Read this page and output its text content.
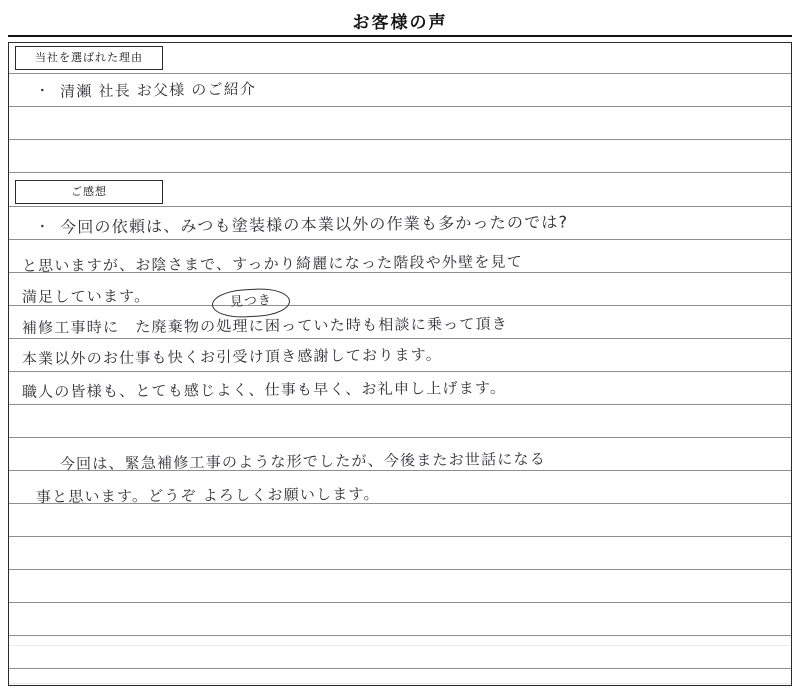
お客様の声
当社を選ばれた理由
ご感想
・ 清瀬 社長 お父様 のご紹介
・ 今回の依頼は、みつも塗装様の本業以外の作業も多かったのでは?
と思いますが、お陰さまで、すっかり綺麗になった階段や外壁を見て
満足しています。	見つき
補修工事時に　た廃棄物の処理に困っていた時も相談に乗って頂き
本業以外のお仕事も快くお引受け頂き感謝しております。
職人の皆様も、とても感じよく、仕事も早く、お礼申し上げます。
今回は、緊急補修工事のような形でしたが、今後またお世話になる
事と思います。どうぞ よろしくお願いします。
